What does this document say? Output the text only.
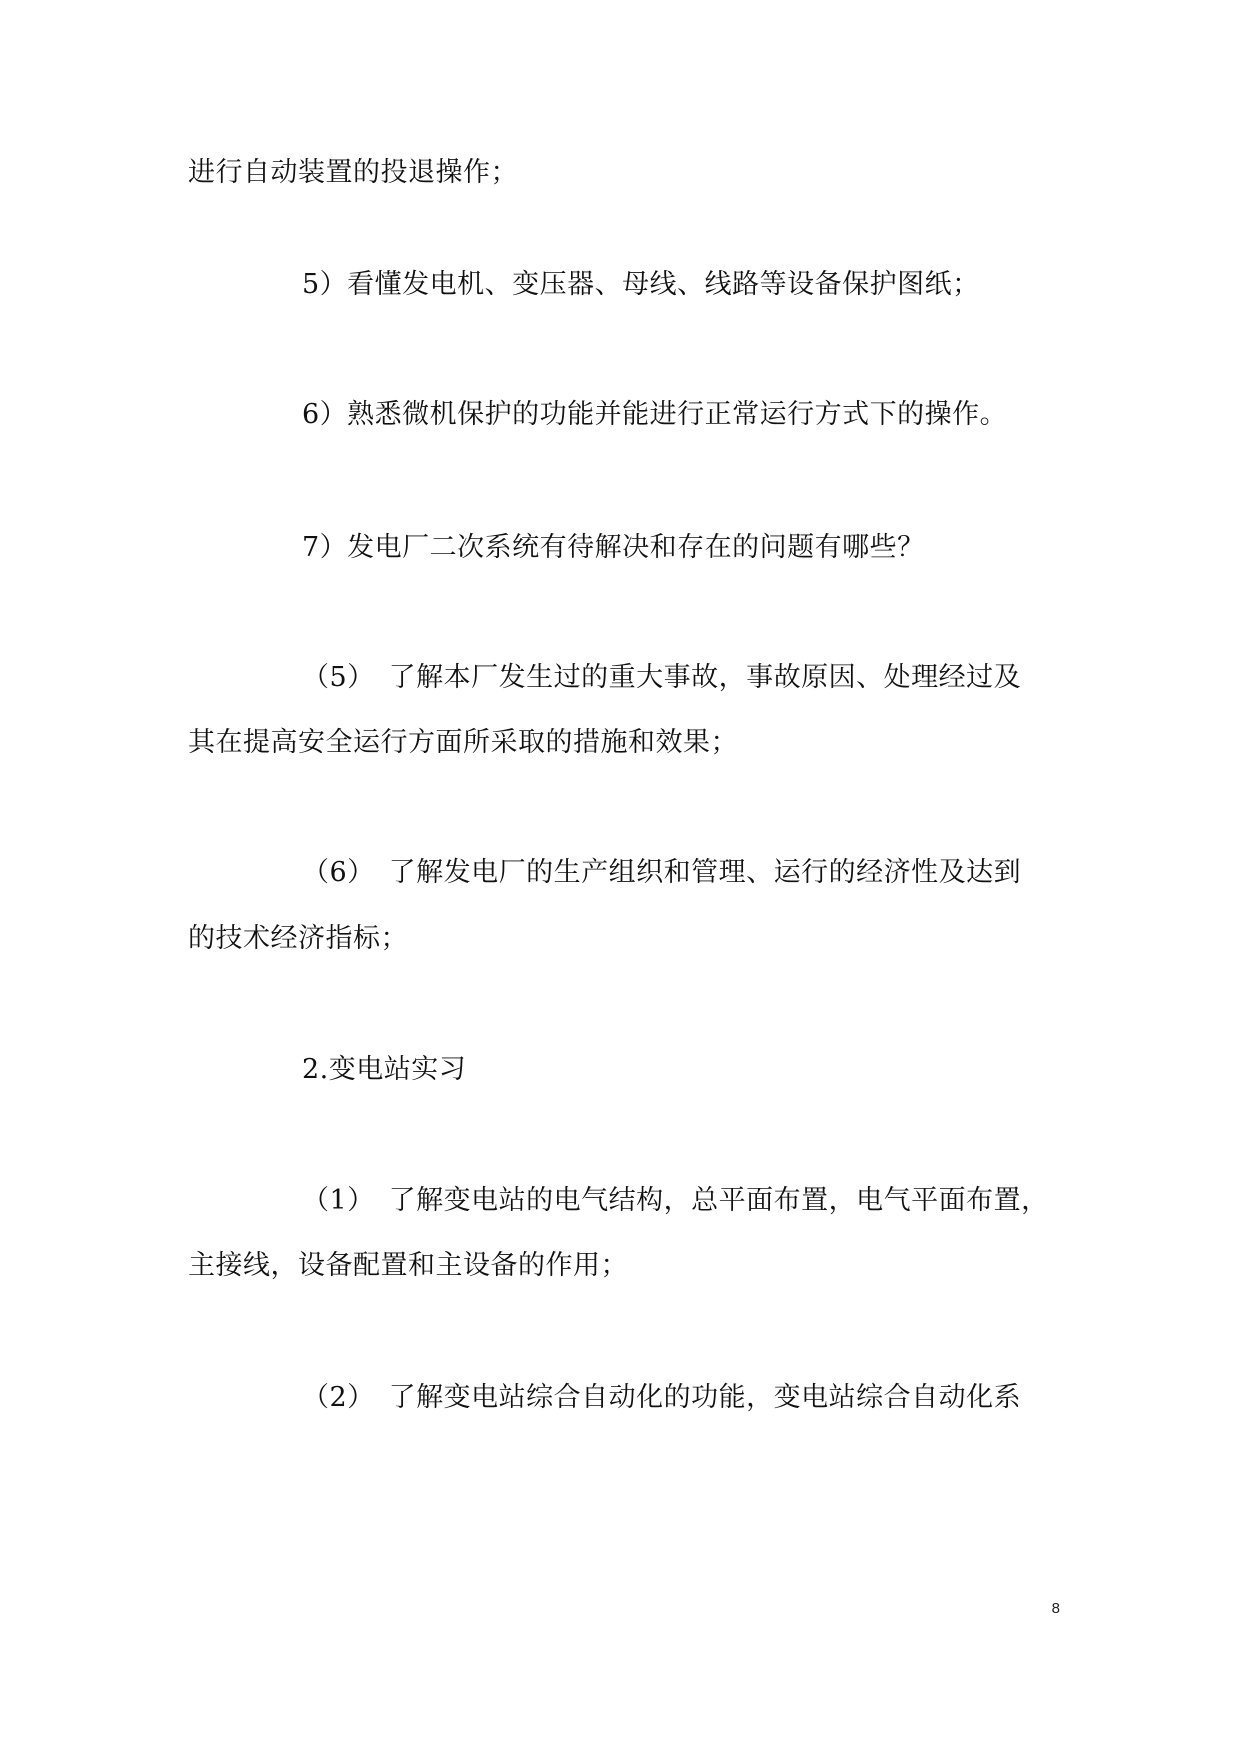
进行自动装置的投退操作；
5）看懂发电机、变压器、母线、线路等设备保护图纸；
6）熟悉微机保护的功能并能进行正常运行方式下的操作。
7）发电厂二次系统有待解决和存在的问题有哪些？
（5）　了解本厂发生过的重大事故，事故原因、处理经过及
其在提高安全运行方面所采取的措施和效果；
（6）　了解发电厂的生产组织和管理、运行的经济性及达到
的技术经济指标；
2.变电站实习
（1）　了解变电站的电气结构，总平面布置，电气平面布置，
主接线，设备配置和主设备的作用；
（2）　了解变电站综合自动化的功能，变电站综合自动化系
8
